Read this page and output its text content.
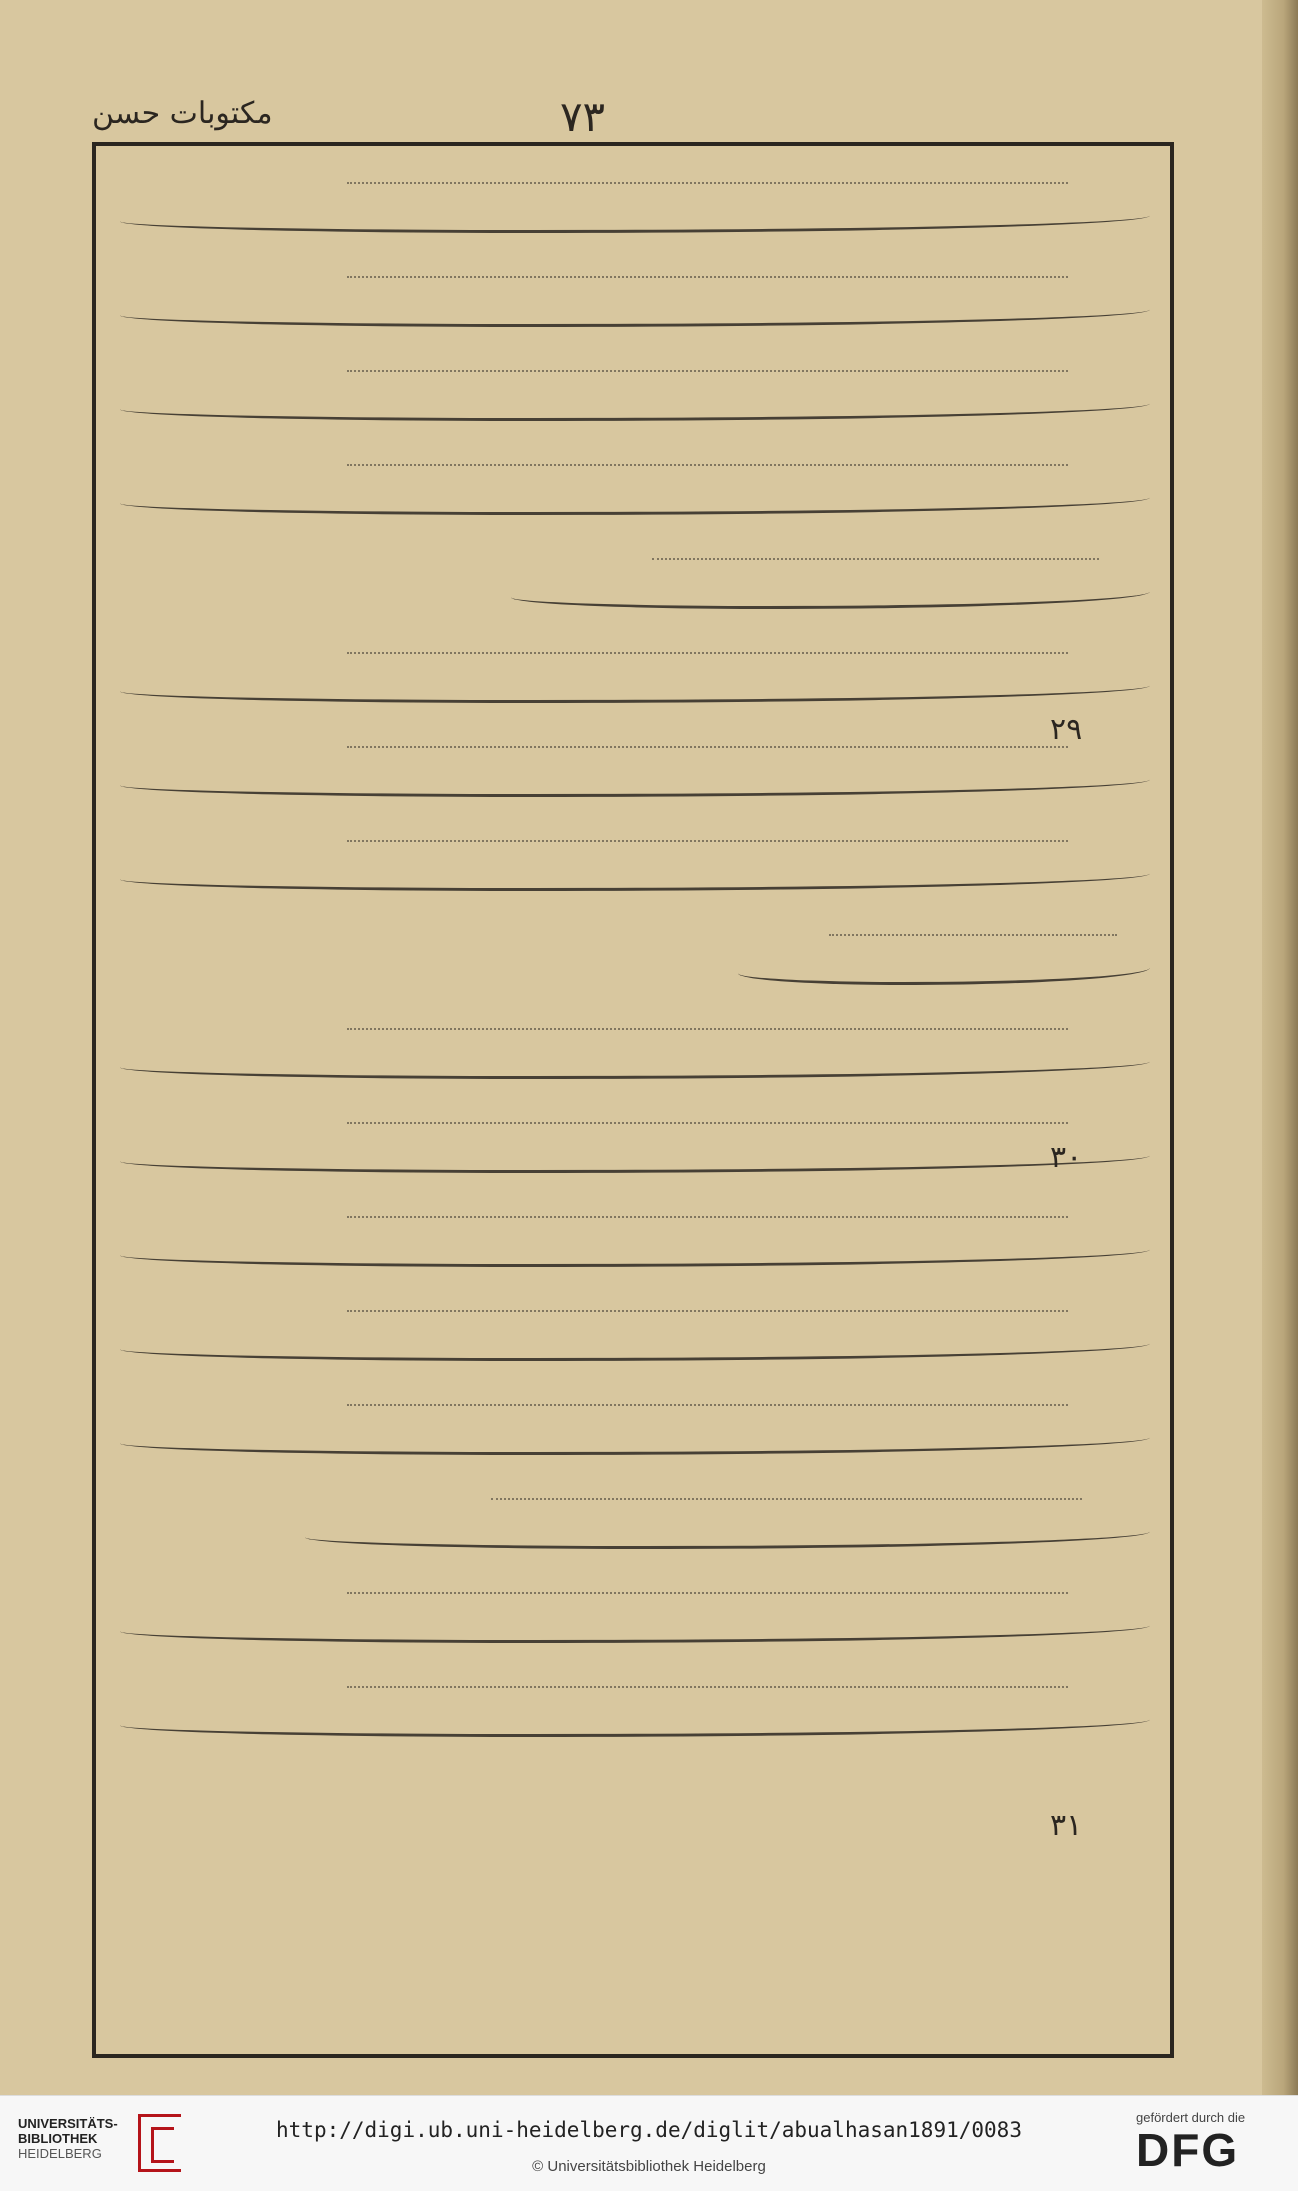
مکتوبات حسن	۷۳
۲۹
۳۰
۳۱
UNIVERSITÄTS-
BIBLIOTHEK
HEIDELBERG
http://digi.ub.uni-heidelberg.de/diglit/abualhasan1891/0083
© Universitätsbibliothek Heidelberg
gefördert durch die
DFG
